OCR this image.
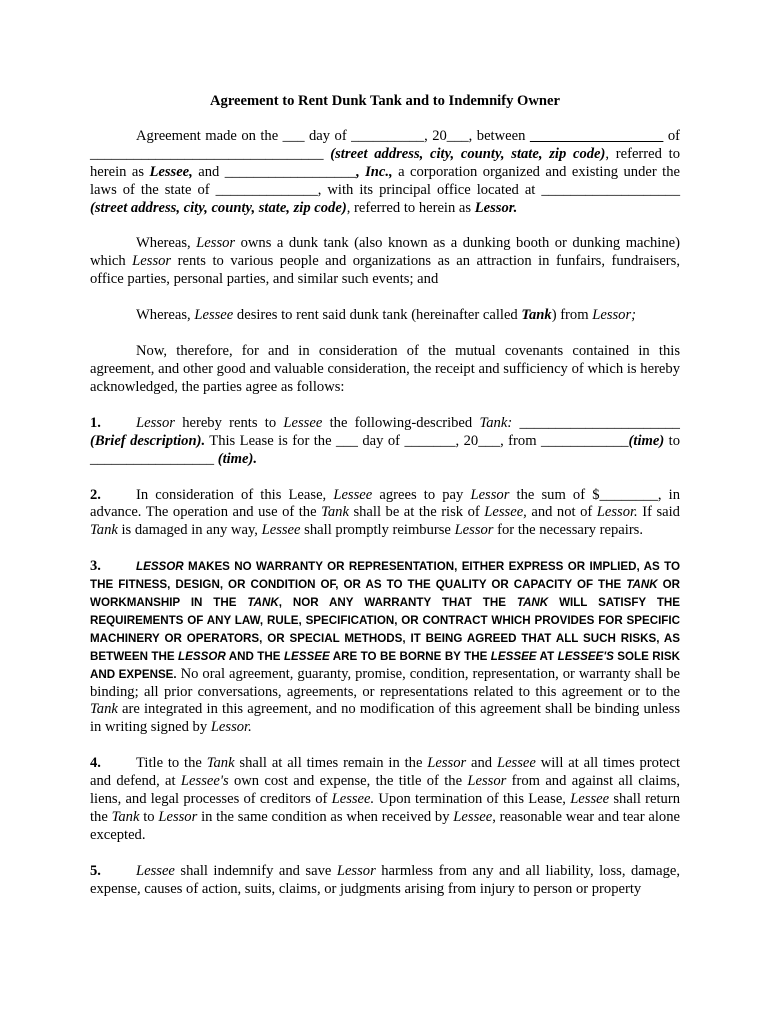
Agreement to Rent Dunk Tank and to Indemnify Owner

Agreement made on the ___ day of __________, 20___, between	of ________________________________ (street address, city, county, state, zip code), referred to herein as Lessee, and __________________, Inc., a corporation organized and existing under the laws of the state of ______________, with its principal office located at ___________________ (street address, city, county, state, zip code), referred to herein as Lessor.

Whereas, Lessor owns a dunk tank (also known as a dunking booth or dunking machine) which Lessor rents to various people and organizations as an attraction in funfairs, fundraisers, office parties, personal parties, and similar such events; and

Whereas, Lessee desires to rent said dunk tank (hereinafter called Tank) from Lessor;

Now, therefore, for and in consideration of the mutual covenants contained in this agreement, and other good and valuable consideration, the receipt and sufficiency of which is hereby acknowledged, the parties agree as follows:

1. Lessor hereby rents to Lessee the following-described Tank: ______________________ (Brief description). This Lease is for the ___ day of _______, 20___, from ____________(time) to _________________ (time).

2. In consideration of this Lease, Lessee agrees to pay Lessor the sum of $________, in advance. The operation and use of the Tank shall be at the risk of Lessee, and not of Lessor. If said Tank is damaged in any way, Lessee shall promptly reimburse Lessor for the necessary repairs.

3.	LESSOR MAKES NO WARRANTY OR REPRESENTATION, EITHER EXPRESS OR IMPLIED, AS TO THE FITNESS, DESIGN, OR CONDITION OF, OR AS TO THE QUALITY OR CAPACITY OF THE TANK OR WORKMANSHIP IN THE TANK, NOR ANY WARRANTY THAT THE TANK WILL SATISFY THE REQUIREMENTS OF ANY LAW, RULE, SPECIFICATION, OR CONTRACT WHICH PROVIDES FOR SPECIFIC MACHINERY OR OPERATORS, OR SPECIAL METHODS, IT BEING AGREED THAT ALL SUCH RISKS, AS BETWEEN THE LESSOR AND THE LESSEE ARE TO BE BORNE BY THE LESSEE AT LESSEE'S SOLE RISK AND EXPENSE. No oral agreement, guaranty, promise, condition, representation, or warranty shall be binding; all prior conversations, agreements, or representations related to this agreement or to the Tank are integrated in this agreement, and no modification of this agreement shall be binding unless in writing signed by Lessor.

4. Title to the Tank shall at all times remain in the Lessor and Lessee will at all times protect and defend, at Lessee's own cost and expense, the title of the Lessor from and against all claims, liens, and legal processes of creditors of Lessee. Upon termination of this Lease, Lessee shall return the Tank to Lessor in the same condition as when received by Lessee, reasonable wear and tear alone excepted.

5. Lessee shall indemnify and save Lessor harmless from any and all liability, loss, damage, expense, causes of action, suits, claims, or judgments arising from injury to person or property
